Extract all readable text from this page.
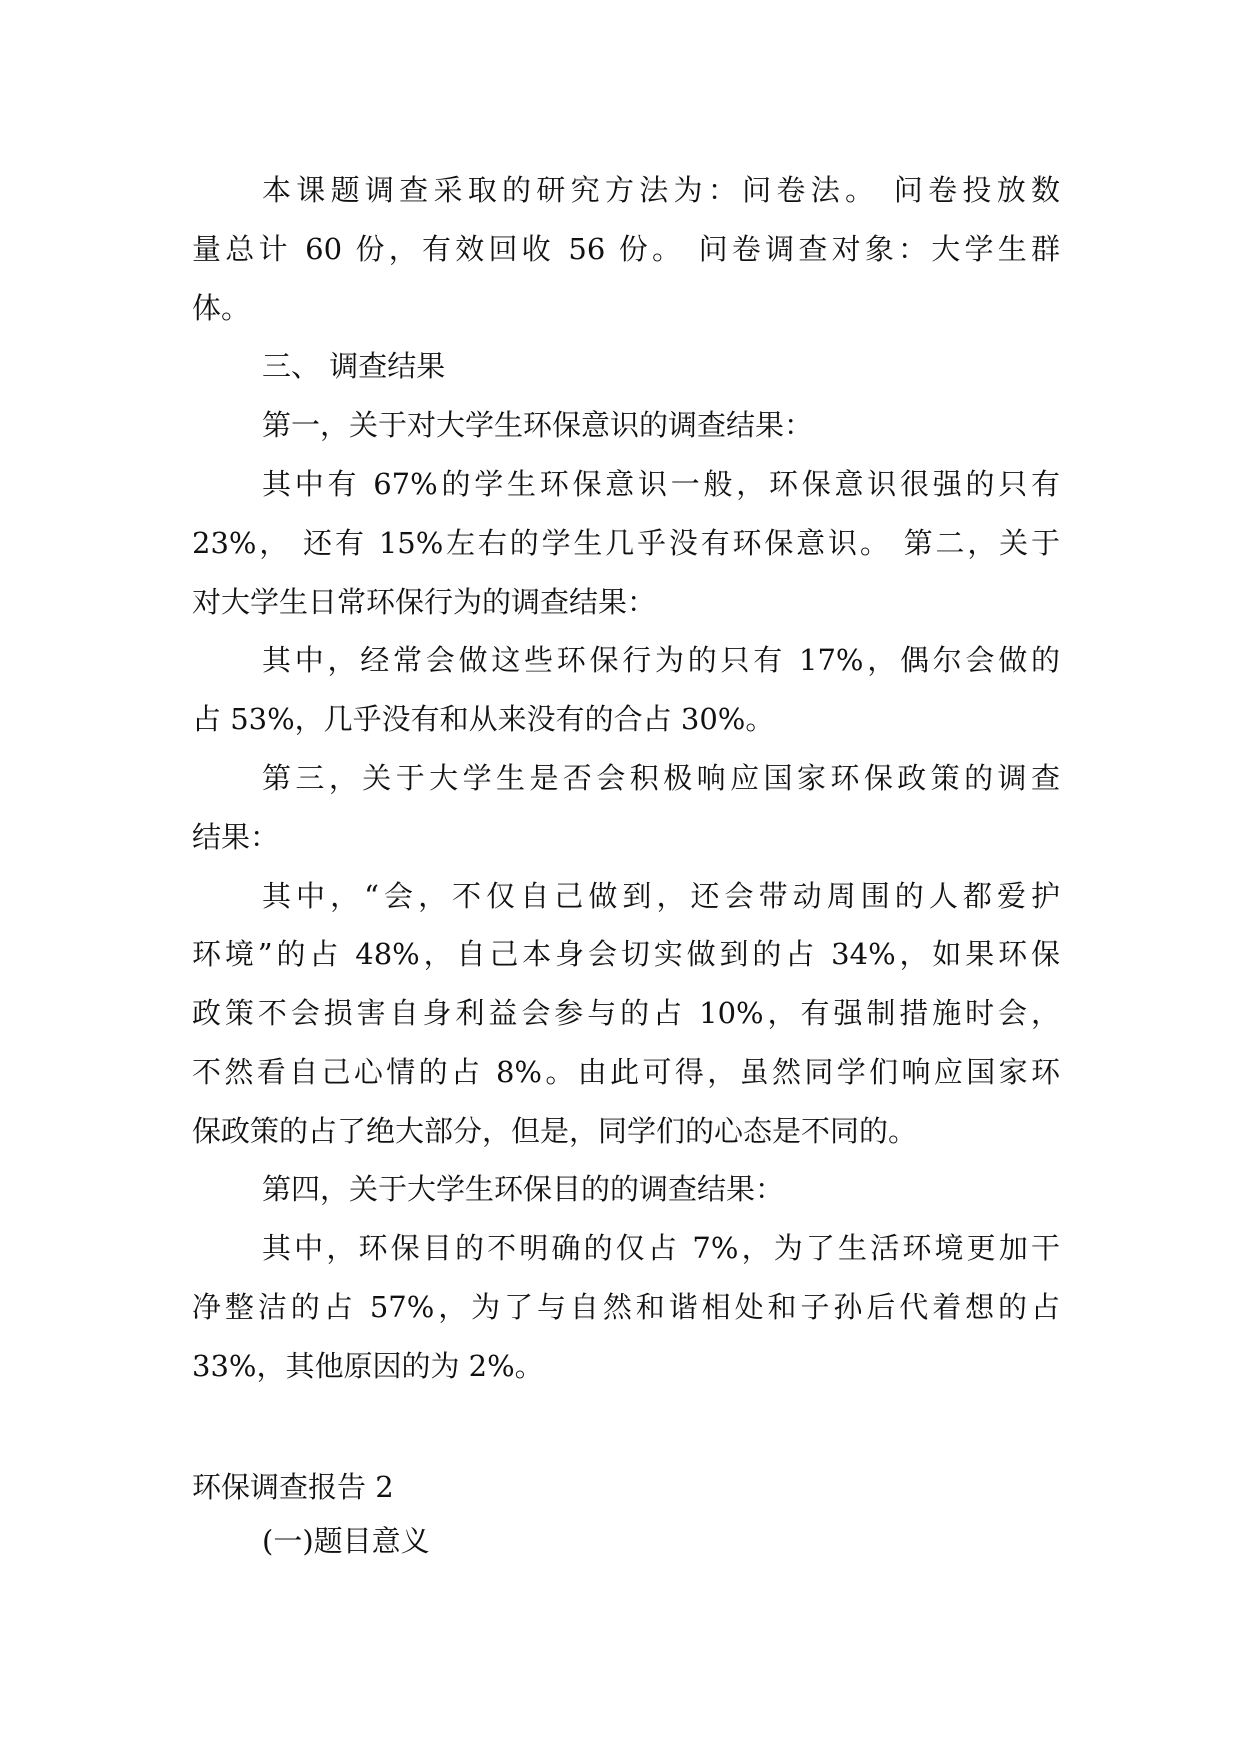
本课题调查采取的研究方法为：问卷法。 问卷投放数
量总计 60 份，有效回收 56 份。 问卷调查对象：大学生群
体。
三、 调查结果
第一，关于对大学生环保意识的调查结果：
其中有 67%的学生环保意识一般，环保意识很强的只有
23%， 还有 15%左右的学生几乎没有环保意识。 第二，关于
对大学生日常环保行为的调查结果：
其中，经常会做这些环保行为的只有 17%，偶尔会做的
占 53%，几乎没有和从来没有的合占 30%。
第三，关于大学生是否会积极响应国家环保政策的调查
结果：
其中，“会，不仅自己做到，还会带动周围的人都爱护
环境”的占 48%，自己本身会切实做到的占 34%，如果环保
政策不会损害自身利益会参与的占 10%，有强制措施时会，
不然看自己心情的占 8%。由此可得，虽然同学们响应国家环
保政策的占了绝大部分，但是，同学们的心态是不同的。
第四，关于大学生环保目的的调查结果：
其中，环保目的不明确的仅占 7%，为了生活环境更加干
净整洁的占 57%，为了与自然和谐相处和子孙后代着想的占
33%，其他原因的为 2%。
环保调查报告 2
(一)题目意义
